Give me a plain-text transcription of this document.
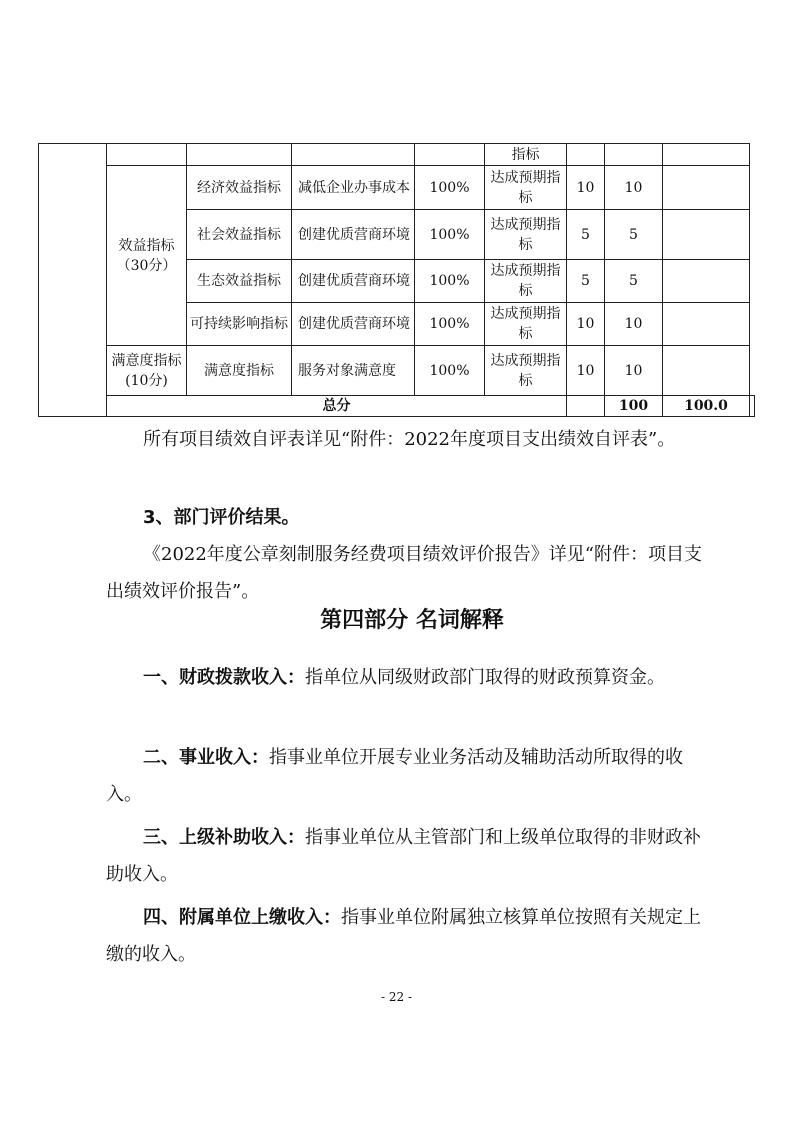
					指标				
	效益指标（30分）	经济效益指标	减低企业办事成本	100%	达成预期指标	10	10		
		社会效益指标	创建优质营商环境	100%	达成预期指标	5	5		
		生态效益指标	创建优质营商环境	100%	达成预期指标	5	5		
		可持续影响指标	创建优质营商环境	100%	达成预期指标	10	10		
	满意度指标(10分)	满意度指标	服务对象满意度	100%	达成预期指标	10	10		
	总分						100	100.0	

所有项目绩效自评表详见“附件：2022年度项目支出绩效自评表”。

3、部门评价结果。

《2022年度公章刻制服务经费项目绩效评价报告》详见“附件：项目支出绩效评价报告”。

第四部分 名词解释

一、财政拨款收入：指单位从同级财政部门取得的财政预算资金。

二、事业收入：指事业单位开展专业业务活动及辅助活动所取得的收入。

三、上级补助收入：指事业单位从主管部门和上级单位取得的非财政补助收入。

四、附属单位上缴收入：指事业单位附属独立核算单位按照有关规定上缴的收入。

- 22 -
